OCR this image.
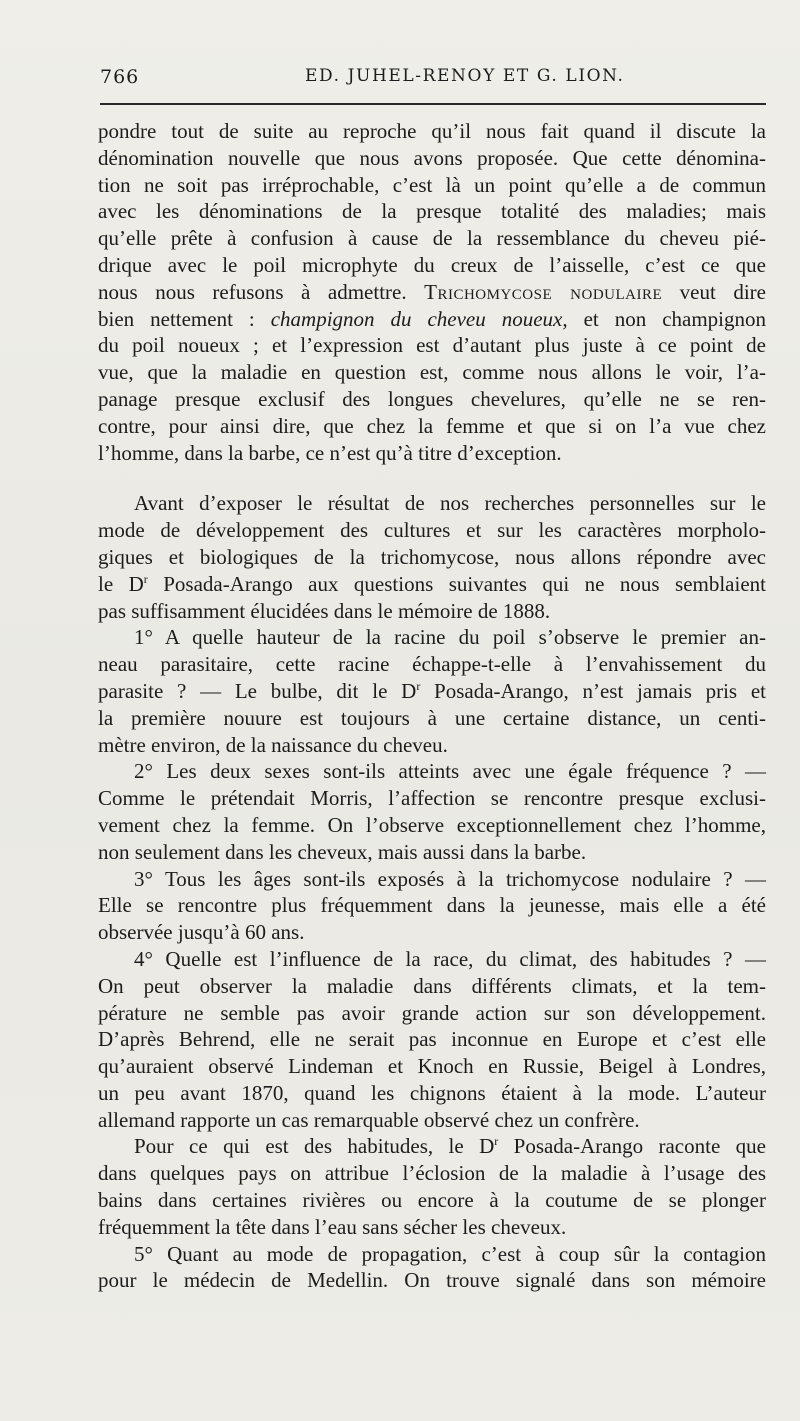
766	ED. JUHEL-RENOY ET G. LION.
pondre tout de suite au reproche qu’il nous fait quand il discute la
dénomination nouvelle que nous avons proposée. Que cette dénomina-
tion ne soit pas irréprochable, c’est là un point qu’elle a de commun
avec les dénominations de la presque totalité des maladies; mais
qu’elle prête à confusion à cause de la ressemblance du cheveu pié-
drique avec le poil microphyte du creux de l’aisselle, c’est ce que
nous nous refusons à admettre. Trichomycose nodulaire veut dire
bien nettement : champignon du cheveu noueux, et non champignon
du poil noueux ; et l’expression est d’autant plus juste à ce point de
vue, que la maladie en question est, comme nous allons le voir, l’a-
panage presque exclusif des longues chevelures, qu’elle ne se ren-
contre, pour ainsi dire, que chez la femme et que si on l’a vue chez
l’homme, dans la barbe, ce n’est qu’à titre d’exception.
Avant d’exposer le résultat de nos recherches personnelles sur le
mode de développement des cultures et sur les caractères morpholo-
giques et biologiques de la trichomycose, nous allons répondre avec
le $D^r$ Posada-Arango aux questions suivantes qui ne nous semblaient
pas suffisamment élucidées dans le mémoire de 1888.
1° A quelle hauteur de la racine du poil s’observe le premier an-
neau parasitaire, cette racine échappe-t-elle à l’envahissement du
parasite ? — Le bulbe, dit le $D^r$ Posada-Arango, n’est jamais pris et
la première nouure est toujours à une certaine distance, un centi-
mètre environ, de la naissance du cheveu.
2° Les deux sexes sont-ils atteints avec une égale fréquence ? —
Comme le prétendait Morris, l’affection se rencontre presque exclusi-
vement chez la femme. On l’observe exceptionnellement chez l’homme,
non seulement dans les cheveux, mais aussi dans la barbe.
3° Tous les âges sont-ils exposés à la trichomycose nodulaire ? —
Elle se rencontre plus fréquemment dans la jeunesse, mais elle a été
observée jusqu’à 60 ans.
4° Quelle est l’influence de la race, du climat, des habitudes ? —
On peut observer la maladie dans différents climats, et la tem-
pérature ne semble pas avoir grande action sur son développement.
D’après Behrend, elle ne serait pas inconnue en Europe et c’est elle
qu’auraient observé Lindeman et Knoch en Russie, Beigel à Londres,
un peu avant 1870, quand les chignons étaient à la mode. L’auteur
allemand rapporte un cas remarquable observé chez un confrère.
Pour ce qui est des habitudes, le $D^r$ Posada-Arango raconte que
dans quelques pays on attribue l’éclosion de la maladie à l’usage des
bains dans certaines rivières ou encore à la coutume de se plonger
fréquemment la tête dans l’eau sans sécher les cheveux.
5° Quant au mode de propagation, c’est à coup sûr la contagion
pour le médecin de Medellin. On trouve signalé dans son mémoire
